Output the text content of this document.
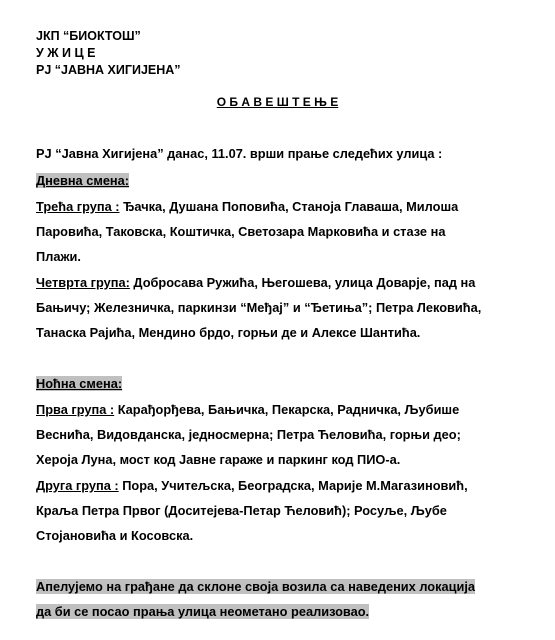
ЈКП “БИОКТОШ”
У Ж И Ц Е
РЈ “ЈАВНА ХИГИЈЕНА”
О Б А В Е Ш Т Е Њ Е
РЈ “Јавна Хигијена” данас, 11.07. врши прање следећих улица :
Дневна смена:
Трећа група : Ђачка, Душана Поповића, Станоја Главаша, Милоша
Паровића, Таковска, Коштичка, Светозара Марковића и стазе на
Плажи.
Четврта група: Добросава Ружића, Његошева, улица Доварје, пад на
Бањичу; Железничка, паркинзи “Међај” и “Ђетиња”; Петра Лековића,
Танаска Рајића, Мендино брдо, горњи де и Алексе Шантића.
Ноћна смена:
Прва група : Карађорђева, Бањичка, Пекарска, Радничка, Љубише
Веснића, Видовданска, једносмерна; Петра Ћеловића, горњи део;
Хероја Луна, мост код Јавне гараже и паркинг код ПИО-а.
Друга група : Пора, Учитељска, Београдска, Марије М.Магазиновић,
Краља Петра Првог (Доситејева-Петар Ћеловић); Росуље, Љубе
Стојановића и Косовска.
Апелујемо на грађане да склоне своја возила са наведених локација
да би се посао прања улица неометано реализовао.
